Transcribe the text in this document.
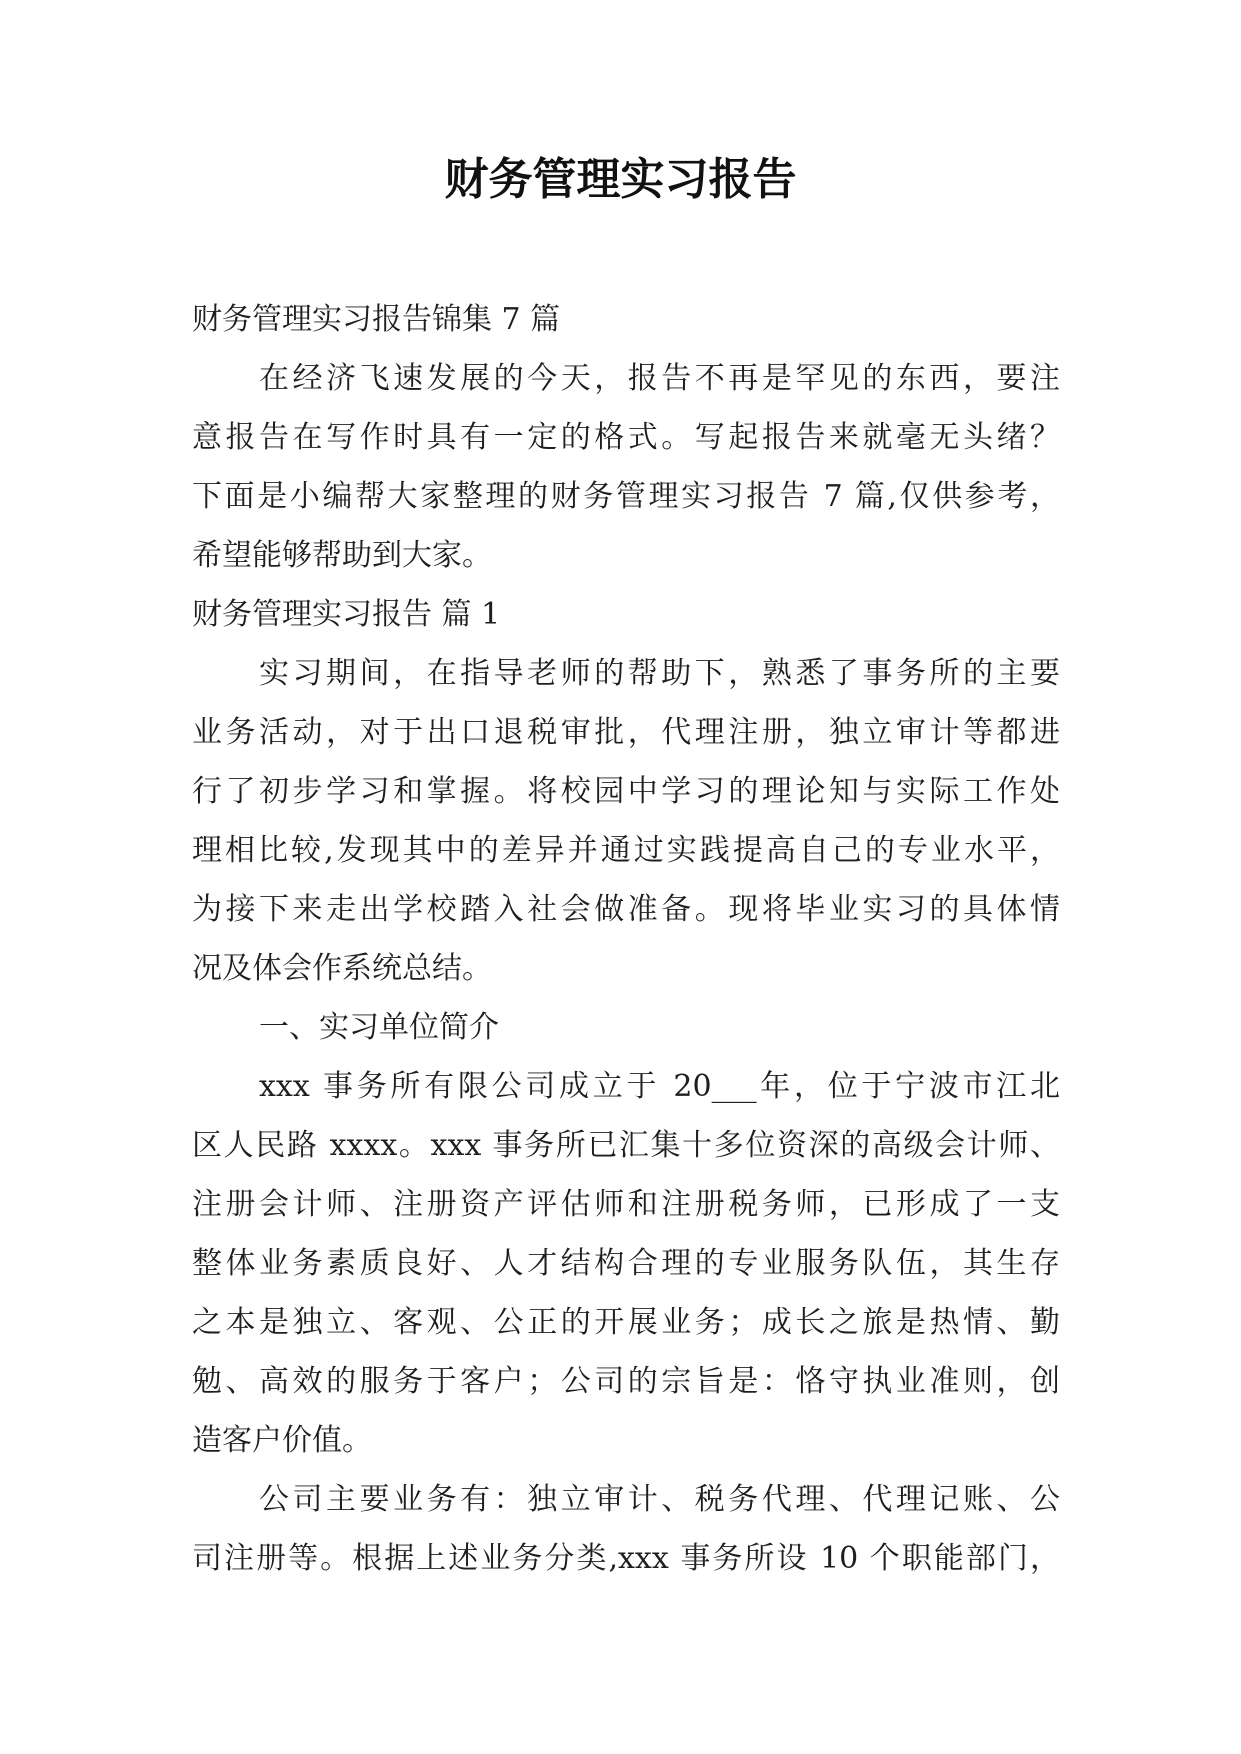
财务管理实习报告
财务管理实习报告锦集 7 篇
在经济飞速发展的今天，报告不再是罕见的东西，要注
意报告在写作时具有一定的格式。写起报告来就毫无头绪？
下面是小编帮大家整理的财务管理实习报告 7 篇,仅供参考，
希望能够帮助到大家。
财务管理实习报告 篇 1
实习期间，在指导老师的帮助下，熟悉了事务所的主要
业务活动，对于出口退税审批，代理注册，独立审计等都进
行了初步学习和掌握。将校园中学习的理论知与实际工作处
理相比较,发现其中的差异并通过实践提高自己的专业水平，
为接下来走出学校踏入社会做准备。现将毕业实习的具体情
况及体会作系统总结。
一、实习单位简介
xxx 事务所有限公司成立于 20___年，位于宁波市江北
区人民路 xxxx。xxx 事务所已汇集十多位资深的高级会计师、
注册会计师、注册资产评估师和注册税务师，已形成了一支
整体业务素质良好、人才结构合理的专业服务队伍，其生存
之本是独立、客观、公正的开展业务；成长之旅是热情、勤
勉、高效的服务于客户；公司的宗旨是：恪守执业准则，创
造客户价值。
公司主要业务有：独立审计、税务代理、代理记账、公
司注册等。根据上述业务分类,xxx 事务所设 10 个职能部门，
